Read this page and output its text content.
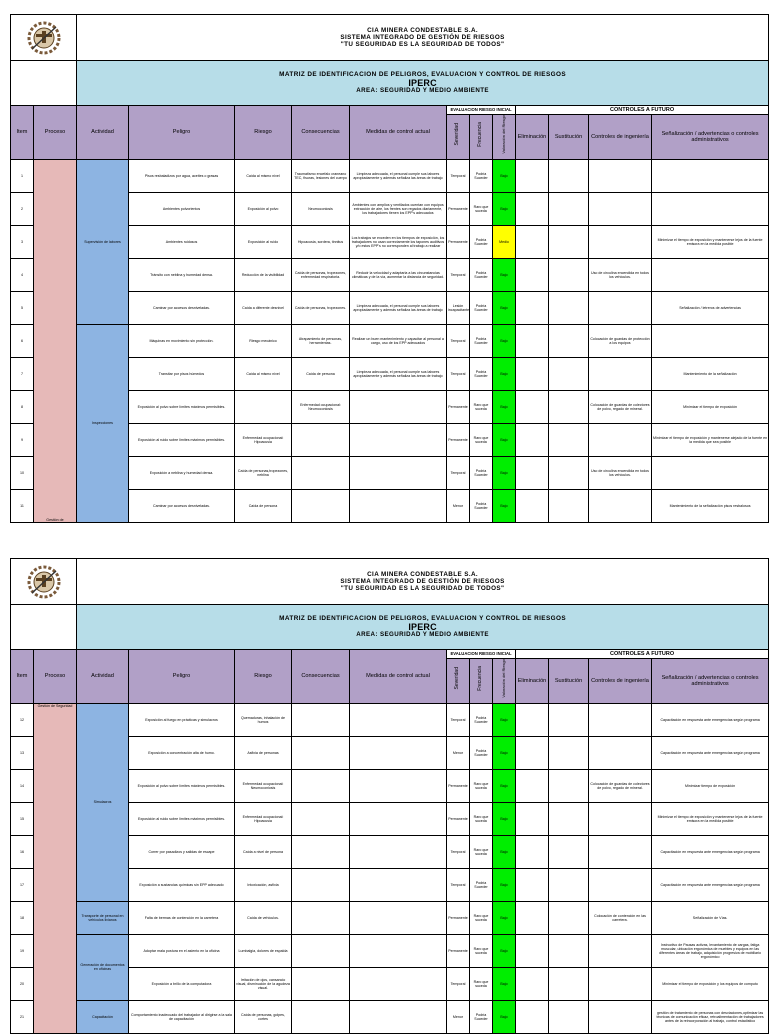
CIA MINERA CONDESTABLE S.A.
SISTEMA INTEGRADO DE GESTIÓN DE RIESGOS
"TU SEGURIDAD ES LA SEGURIDAD DE TODOS"											

		MATRIZ DE IDENTIFICACION DE PELIGROS, EVALUACION Y CONTROL DE RIESGOS
IPERC
AREA: SEGURIDAD Y MEDIO AMBIENTE											

Item	Proceso	Actividad	Peligro	Riesgo	Consecuencias	Medidas de control actual	EVALUACION RIESGO INICIAL			CONTROLES A FUTURO			
							Severidad	Frecuencia	Valoración del Riesgo	Eliminación	Sustitución	Controles de ingeniería	Señalización / advertencias o controles administrativos
1	Gestión de	Supervisión de labores	Pisos resbaladizos por agua, aceites o grasas	Caída al mismo nivel	Traumatismo encefalo craneano TEC, fisuras, lesiones del cuerpo	Limpieza adecuada, el personal cumple sus labores apropiadamente y además señaliza las áreas de trabajo	Temporal	Podría Suceder	Bajo				
2			Ambientes polvorientos	Exposición al polvo	Neumoconiosis	Ambientes con amplios y ventilados cuentan con equipos extracción de aire, los frentes son regados diariamente, los trabajadores tienen los EPP's adecuados	Permanente	Raro que suceda	Bajo				
3			Ambientes ruidosos	Exposición al ruido	Hipoacusia, sordera, tinnitus	Los trabajos se exceden en los tiempos de exposición, los trabajadores no usan correctamente los tapones auditivos y/o estos EPP's no corresponden al trabajo a realizar	Permanente	Podría Suceder	Medio				Minimizar el tiempo de exposición y mantenerse lejos de la fuente emisora en la medida posible
4			Tránsito con neblina y humedad densa.	Reducción de la visibilidad	Caída de personas, tropezones, enfermedad respiratoria.	Reducir la velocidad y adaptarla a las circunstancias climáticas y de la vía, aumentar la distancia de seguridad.	Temporal	Podría Suceder	Bajo			Uso de circulina encendida en todos los vehículos.	
5			Caminar por accesos desniveladas.	Caída a diferente desnivel	Caída de personas, tropezones.	Limpieza adecuada, el personal cumple sus labores apropiadamente y además señaliza las áreas de trabajo	Lesión incapacitante	Podría Suceder	Bajo				Señalización / letreros de advertencias
6		Inspecciones	Máquinas en movimiento sin protección.	Riesgo mecánico	Atrapamiento de personas, herramientas.	Realizar un buen mantenimiento y capacitar al personal a cargo, uso de los EPP adecuados	Temporal	Podría Suceder	Bajo			Colocación de guardas de protección a los equipos	
7			Transitar por pisos húmedos	Caída al mismo nivel	Caída de persona	Limpieza adecuada, el personal cumple sus labores apropiadamente y además señaliza las áreas de trabajo	Temporal	Podría Suceder	Bajo				Mantenimiento de la señalización
8			Exposición al polvo sobre límites máximos permisibles.		Enfermedad ocupacional: Neumoconiosis		Permanente	Raro que suceda	Bajo			Colocación de guardas de colectores de polvo, regado de mineral.	Minimizar el tiempo de exposición
9			Exposición al ruido sobre límites máximos permisibles.	Enfermedad ocupacional: Hipoacusia			Permanente	Raro que suceda	Bajo				Minimizar el tiempo de exposición y mantenerse alejado de la fuente en la medida que sea posible
10			Exposición a neblina y humedad densa.	Caída de personas,tropezones, neblina			Temporal	Podría Suceder	Bajo			Uso de circulina encendida en todos los vehículos.	
11			Caminar por accesos desniveladas.	Caída de persona			Menor	Podría Suceder	Bajo				Mantenimiento de la señalización pisos resbalosos

CIA MINERA CONDESTABLE S.A.
SISTEMA INTEGRADO DE GESTIÓN DE RIESGOS
"TU SEGURIDAD ES LA SEGURIDAD DE TODOS"											

		MATRIZ DE IDENTIFICACION DE PELIGROS, EVALUACION Y CONTROL DE RIESGOS
IPERC
AREA: SEGURIDAD Y MEDIO AMBIENTE											

Item	Proceso	Actividad	Peligro	Riesgo	Consecuencias	Medidas de control actual	EVALUACION RIESGO INICIAL			CONTROLES A FUTURO			
							Severidad	Frecuencia	Valoración del Riesgo	Eliminación	Sustitución	Controles de ingeniería	Señalización / advertencias o controles administrativos
12	Gestión de Seguridad	Simulacros	Exposición al fuego en prácticas y simulacros	Quemaduras, inhalación de humos			Temporal	Podría Suceder	Bajo				Capacitación en respuesta ante emergencias según programa
13			Exposición a concentración alta de humo.	Asfixia de personas			Menor	Podría Suceder	Bajo				Capacitación en respuesta ante emergencias según programa
14			Exposición al polvo sobre límites máximos permisibles.	Enfermedad ocupacional: Neumoconiosis			Permanente	Raro que suceda	Bajo			Colocación de guardas de colectores de polvo, regado de mineral.	Minimizar tiempo de exposición
15			Exposición al ruido sobre límites máximos permisibles.	Enfermedad ocupacional: Hipoacusia			Permanente	Raro que suceda	Bajo				Minimizar el tiempo de exposición y mantenerse lejos de la fuente emisora en la medida posible
16			Correr por pasadizos y salidas de escape	Caída a nivel de persona			Temporal	Raro que suceda	Bajo				Capacitación en respuesta ante emergencias según programa
17			Exposición a sustancias químicas sin EPP adecuado	Intoxicación, asfixia			Temporal	Podría Suceder	Bajo				Capacitación en respuesta ante emergencias según programa
18		Transporte de personal en vehículos livianos	Falta de bermas de contención en la carretera	Caída de vehículos.			Permanente	Raro que suceda	Bajo			Colocación de contención en las carretera.	Señalización de Vías.
19		Generación de documentos en oficinas	Adoptar mala postura en el asiento en la oficina	Lumbalgia, dolores de espalda			Permanente	Raro que suceda	Bajo				Instructivo de Pausas activas, levantamiento de cargas, fatiga muscular, ubicación ergonómica de muebles y equipos en las diferentes áreas de trabajo, adquisición progresiva de mobiliario ergonómico
20			Exposición a brillo de la computadora	Irritación de ojos, cansancio visual, disminución de la agudeza visual.			Temporal	Raro que suceda	Bajo				Minimizar el tiempo de exposición y los equipos de computo
21		Capacitación	Comportamiento inadecuado del trabajador al dirigirse a la sala de capacitación	Caída de personas, golpes, cortes			Menor	Podría Suceder	Bajo				gestión de tratamiento de personas con desviaciones,optimizar las técnicas de comunicación eficaz, retroalimentación de trabajadores antes de la reincorporación al trabajo, control estadístico
